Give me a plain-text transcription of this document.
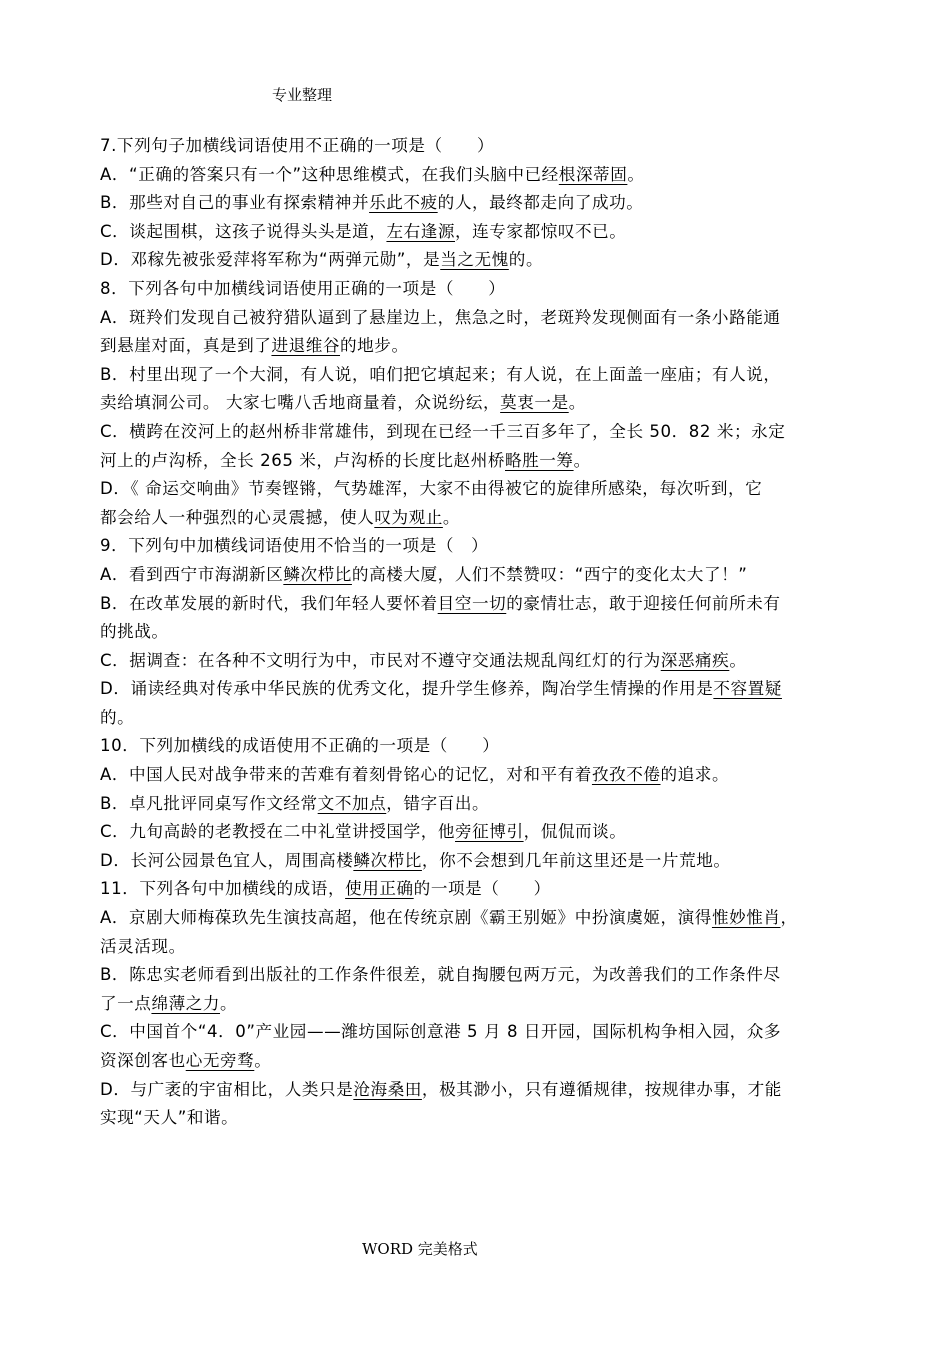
专业整理
7.下列句子加横线词语使用不正确的一项是（　　）
A．“正确的答案只有一个”这种思维模式，在我们头脑中已经根深蒂固。
B．那些对自己的事业有探索精神并乐此不疲的人，最终都走向了成功。
C．谈起围棋，这孩子说得头头是道，左右逢源，连专家都惊叹不已。
D．邓稼先被张爱萍将军称为“两弹元勋”，是当之无愧的。
8．下列各句中加横线词语使用正确的一项是（　　）
A．斑羚们发现自己被狩猎队逼到了悬崖边上，焦急之时，老斑羚发现侧面有一条小路能通
到悬崖对面，真是到了进退维谷的地步。
B．村里出现了一个大洞，有人说，咱们把它填起来；有人说，在上面盖一座庙；有人说，
卖给填洞公司。 大家七嘴八舌地商量着，众说纷纭，莫衷一是。
C．横跨在洨河上的赵州桥非常雄伟，到现在已经一千三百多年了，全长 50．82 米；永定
河上的卢沟桥，全长 265 米，卢沟桥的长度比赵州桥略胜一筹。
D．《 命运交响曲》节奏铿锵，气势雄浑，大家不由得被它的旋律所感染，每次听到，它
都会给人一种强烈的心灵震撼，使人叹为观止。
9．下列句中加横线词语使用不恰当的一项是（　）
A．看到西宁市海湖新区鳞次栉比的高楼大厦，人们不禁赞叹：“西宁的变化太大了！”
B．在改革发展的新时代，我们年轻人要怀着目空一切的豪情壮志，敢于迎接任何前所未有
的挑战。
C．据调查：在各种不文明行为中，市民对不遵守交通法规乱闯红灯的行为深恶痛疾。
D．诵读经典对传承中华民族的优秀文化，提升学生修养，陶冶学生情操的作用是不容置疑
的。
10．下列加横线的成语使用不正确的一项是（　　）
A．中国人民对战争带来的苦难有着刻骨铭心的记忆，对和平有着孜孜不倦的追求。
B．卓凡批评同桌写作文经常文不加点，错字百出。
C．九旬高龄的老教授在二中礼堂讲授国学，他旁征博引，侃侃而谈。
D．长河公园景色宜人，周围高楼鳞次栉比，你不会想到几年前这里还是一片荒地。
11．下列各句中加横线的成语，使用正确的一项是（　　）
A．京剧大师梅葆玖先生演技高超，他在传统京剧《霸王别姬》中扮演虞姬，演得惟妙惟肖，
活灵活现。
B．陈忠实老师看到出版社的工作条件很差，就自掏腰包两万元，为改善我们的工作条件尽
了一点绵薄之力。
C．中国首个“4．0”产业园——潍坊国际创意港 5 月 8 日开园，国际机构争相入园，众多
资深创客也心无旁骛。
D．与广袤的宇宙相比，人类只是沧海桑田，极其渺小，只有遵循规律，按规律办事，才能
实现“天人”和谐。
WORD 完美格式
